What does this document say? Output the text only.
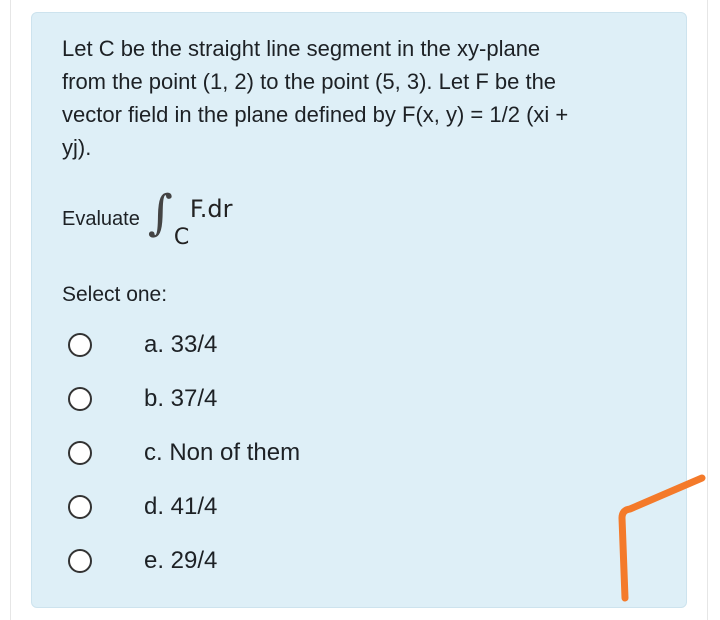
Let C be the straight line segment in the xy-plane
from the point (1, 2) to the point (5, 3). Let F be the
vector field in the plane defined by F(x, y) = 1/2 (xi +
yj).

Evaluate ∫ C
F.dr
Select one:
a. 33/4
b. 37/4
c. Non of them
d. 41/4
e. 29/4
